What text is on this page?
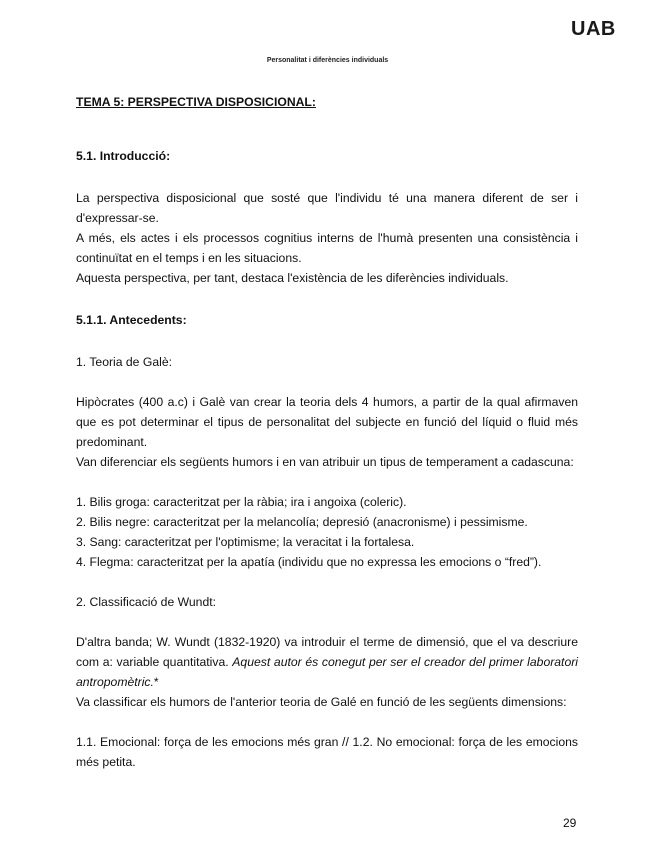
UAB
Personalitat i diferències individuals
TEMA 5: PERSPECTIVA DISPOSICIONAL:
5.1. Introducció:

La perspectiva disposicional que sosté que l'individu té una manera diferent de ser i d'expressar-se.

A més, els actes i els processos cognitius interns de l'humà presenten una consistència i continuïtat en el temps i en les situacions.

Aquesta perspectiva, per tant, destaca l'existència de les diferències individuals.

5.1.1. Antecedents:

1. Teoria de Galè:

Hipòcrates (400 a.c) i Galè van crear la teoria dels 4 humors, a partir de la qual afirmaven que es pot determinar el tipus de personalitat del subjecte en funció del líquid o fluid més predominant.

Van diferenciar els següents humors i en van atribuir un tipus de temperament a cadascuna:

1. Bilis groga: caracteritzat per la ràbia; ira i angoixa (coleric).

2. Bilis negre: caracteritzat per la melancolía; depresió (anacronisme) i pessimisme.

3. Sang: caracteritzat per l'optimisme; la veracitat i la fortalesa.

4. Flegma: caracteritzat per la apatía (individu que no expressa les emocions o “fred”).

2. Classificació de Wundt:

D'altra banda; W. Wundt (1832-1920) va introduir el terme de dimensió, que el va descriure com a: variable quantitativa. Aquest autor és conegut per ser el creador del primer laboratori antropomètric.*

Va classificar els humors de l'anterior teoria de Galé en funció de les següents dimensions:

1.1. Emocional: força de les emocions més gran // 1.2. No emocional: força de les emocions més petita.

29
